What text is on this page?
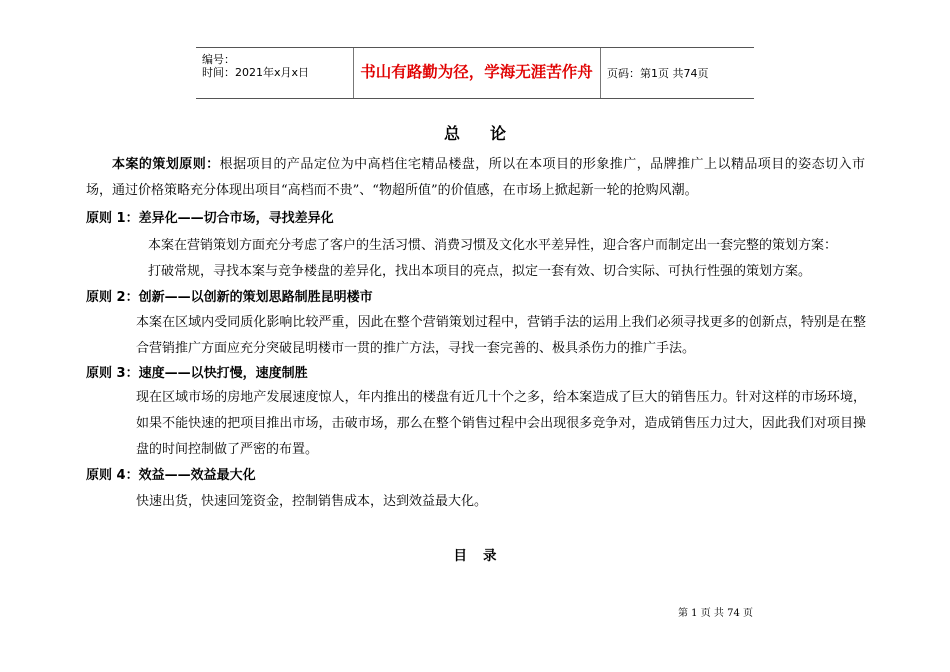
编号：
时间：2021年x月x日	书山有路勤为径，学海无涯苦作舟	页码：第1页 共74页
总论
本案的策划原则：根据项目的产品定位为中高档住宅精品楼盘，所以在本项目的形象推广，品牌推广上以精品项目的姿态切入市场，通过价格策略充分体现出项目“高档而不贵”、“物超所值”的价值感，在市场上掀起新一轮的抢购风潮。
原则 1：差异化——切合市场，寻找差异化
本案在营销策划方面充分考虑了客户的生活习惯、消费习惯及文化水平差异性，迎合客户而制定出一套完整的策划方案：
打破常规，寻找本案与竞争楼盘的差异化，找出本项目的亮点，拟定一套有效、切合实际、可执行性强的策划方案。
原则 2：创新——以创新的策划思路制胜昆明楼市
本案在区域内受同质化影响比较严重，因此在整个营销策划过程中，营销手法的运用上我们必须寻找更多的创新点，特别是在整合营销推广方面应充分突破昆明楼市一贯的推广方法，寻找一套完善的、极具杀伤力的推广手法。
原则 3：速度——以快打慢，速度制胜
现在区域市场的房地产发展速度惊人，年内推出的楼盘有近几十个之多，给本案造成了巨大的销售压力。针对这样的市场环境，如果不能快速的把项目推出市场，击破市场，那么在整个销售过程中会出现很多竞争对，造成销售压力过大，因此我们对项目操盘的时间控制做了严密的布置。
原则 4：效益——效益最大化
快速出货，快速回笼资金，控制销售成本，达到效益最大化。
目录
第 1 页 共 74 页
